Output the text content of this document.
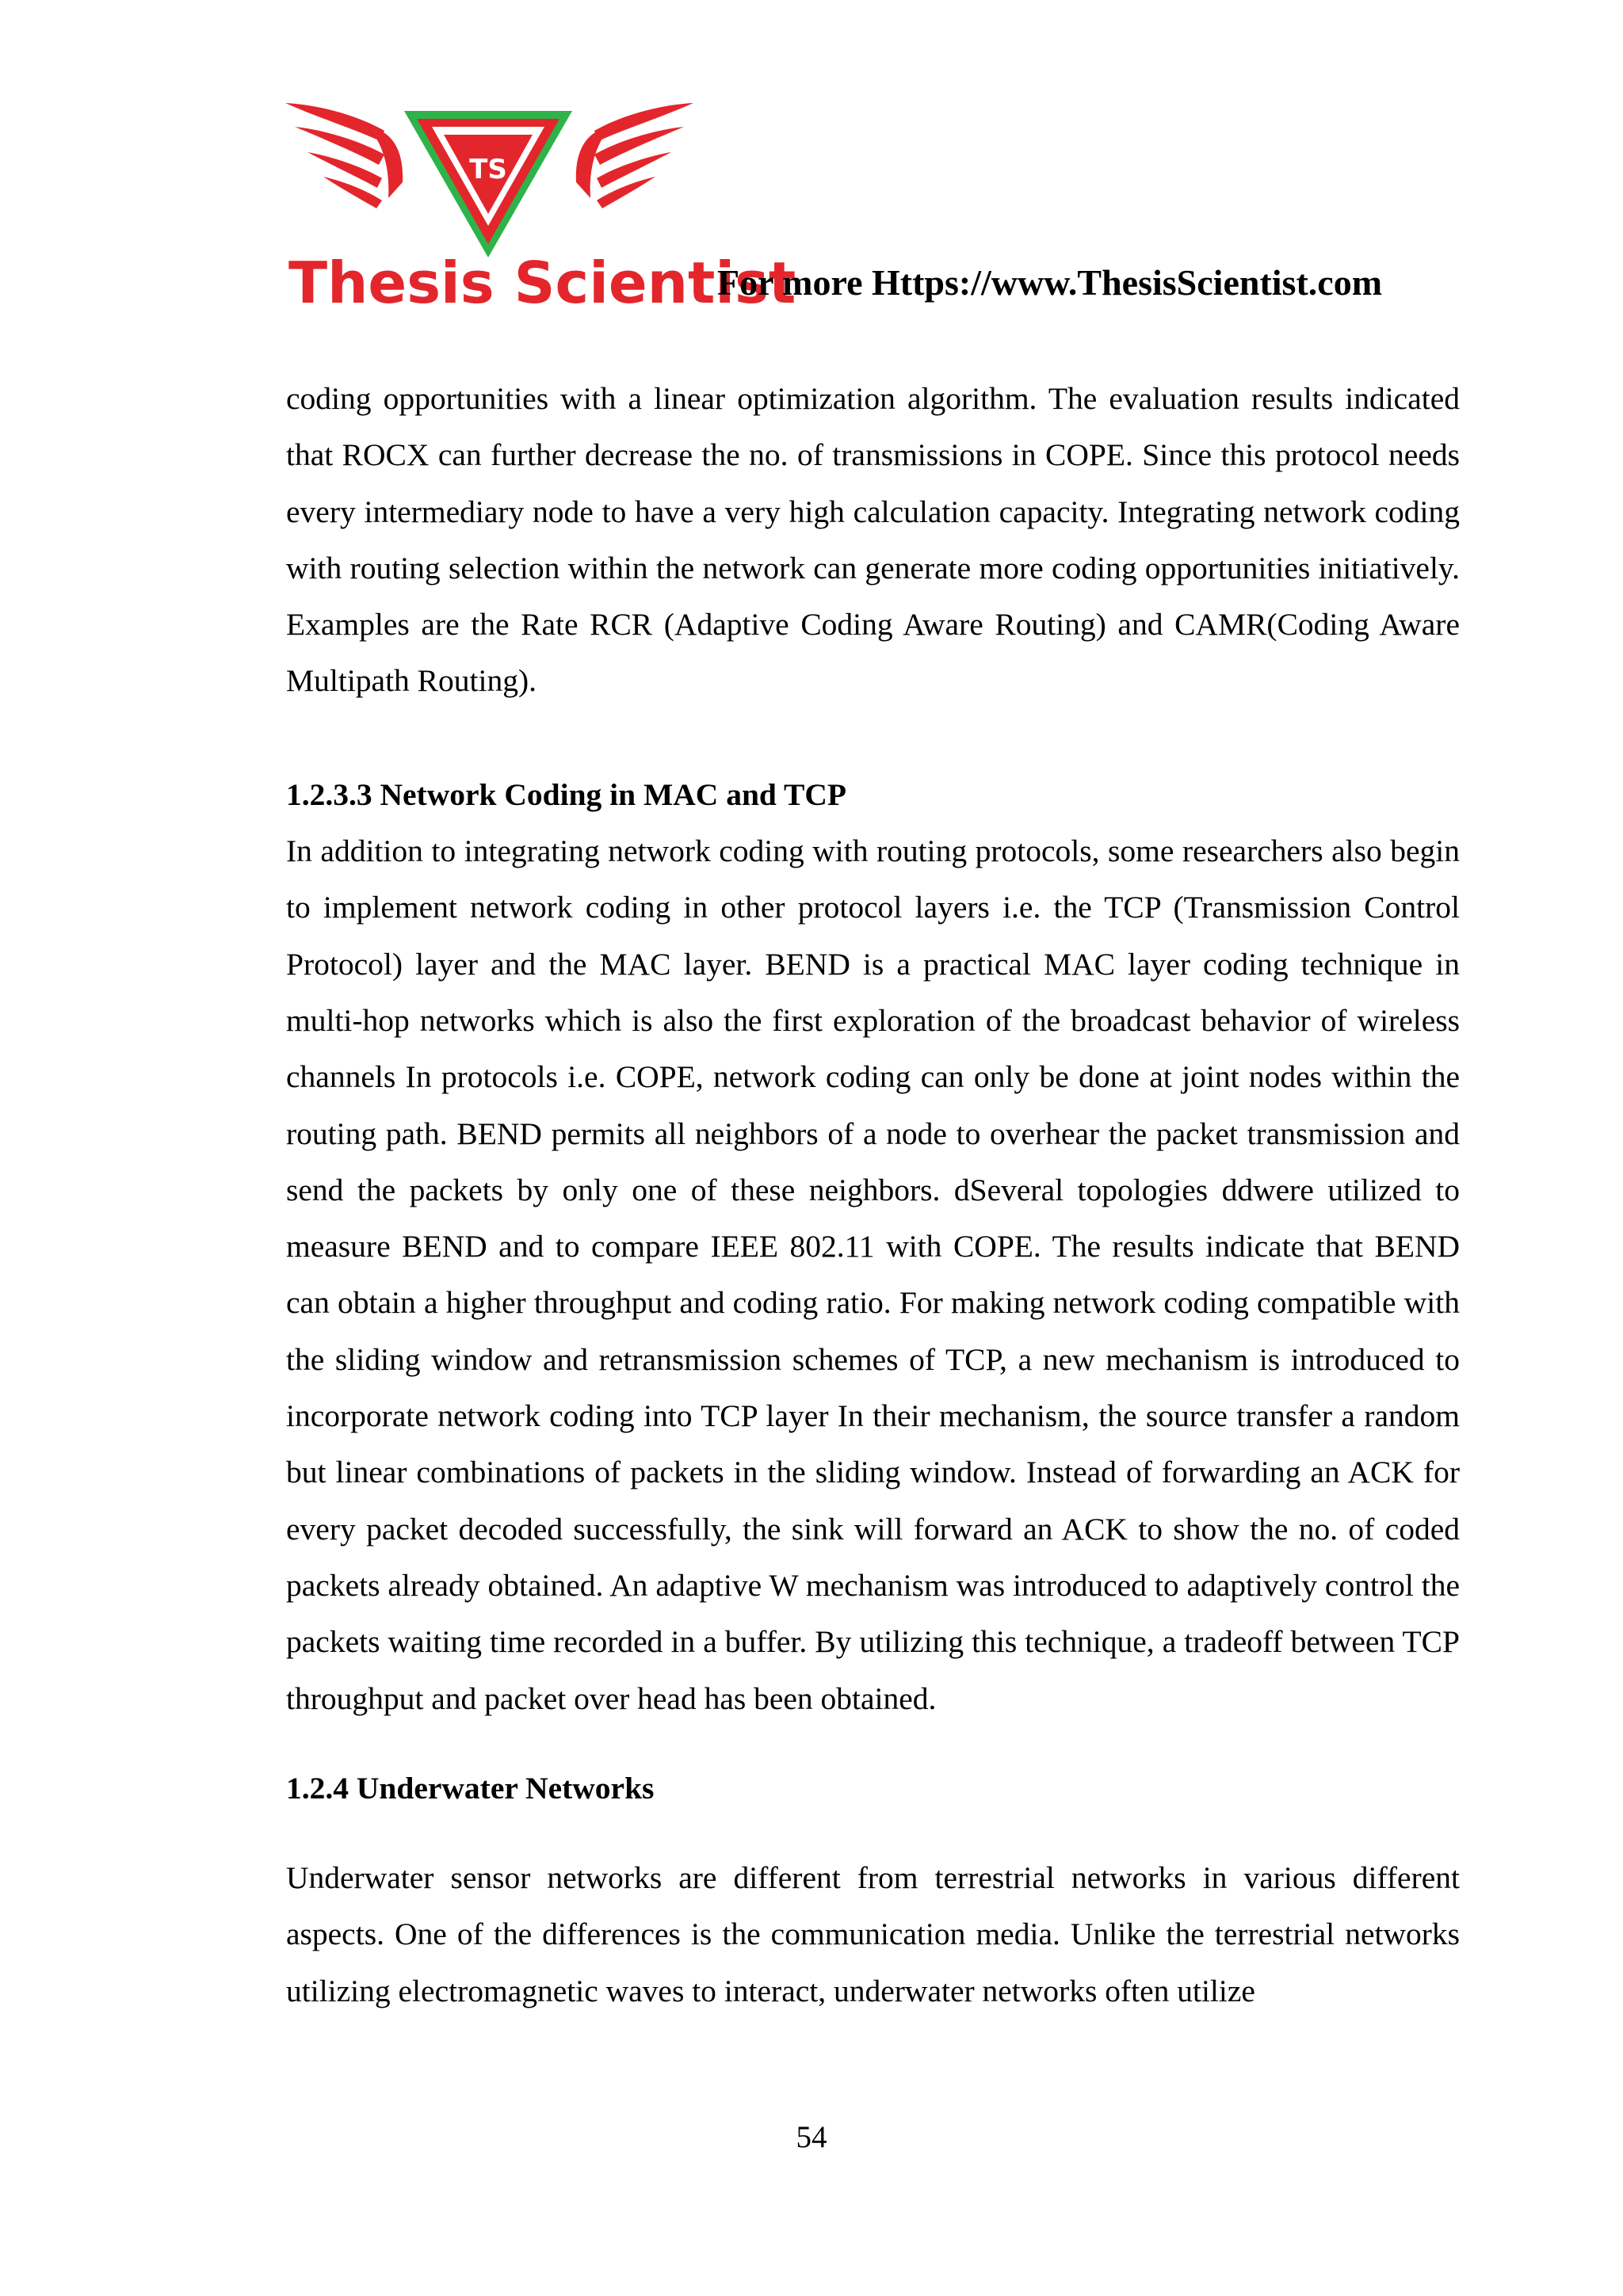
TS
Thesis Scientist
For more Https://www.ThesisScientist.com

coding opportunities with a linear optimization algorithm. The evaluation results indicated that ROCX can further decrease the no. of transmissions in COPE. Since this protocol needs every intermediary node to have a very high calculation capacity. Integrating network coding with routing selection within the network can generate more coding opportunities initiatively. Examples are the Rate RCR (Adaptive Coding Aware Routing) and CAMR(Coding Aware Multipath Routing).

1.2.3.3 Network Coding in MAC and TCP

In addition to integrating network coding with routing protocols, some researchers also begin to implement network coding in other protocol layers i.e. the TCP (Transmission Control Protocol) layer and the MAC layer. BEND is a practical MAC layer coding technique in multi-hop networks which is also the first exploration of the broadcast behavior of wireless channels In protocols i.e. COPE, network coding can only be done at joint nodes within the routing path. BEND permits all neighbors of a node to overhear the packet transmission and send the packets by only one of these neighbors. dSeveral topologies ddwere utilized to measure BEND and to compare IEEE 802.11 with COPE. The results indicate that BEND can obtain a higher throughput and coding ratio. For making network coding compatible with the sliding window and retransmission schemes of TCP, a new mechanism is introduced to incorporate network coding into TCP layer In their mechanism, the source transfer a random but linear combinations of packets in the sliding window. Instead of forwarding an ACK for every packet decoded successfully, the sink will forward an ACK to show the no. of coded packets already obtained. An adaptive W mechanism was introduced to adaptively control the packets waiting time recorded in a buffer. By utilizing this technique, a tradeoff between TCP throughput and packet over head has been obtained.

1.2.4 Underwater Networks

Underwater sensor networks are different from terrestrial networks in various different aspects. One of the differences is the communication media. Unlike the terrestrial networks utilizing electromagnetic waves to interact, underwater networks often utilize

54
